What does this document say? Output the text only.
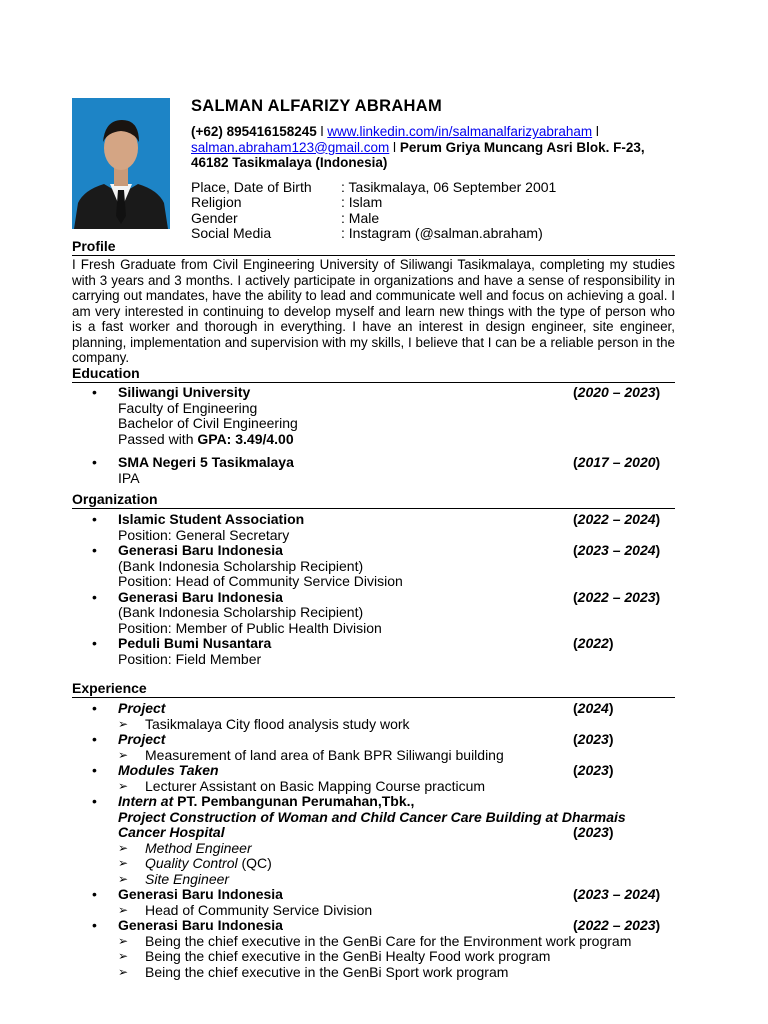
SALMAN ALFARIZY ABRAHAM
(+62) 895416158245 l www.linkedin.com/in/salmanalfarizyabraham l salman.abraham123@gmail.com l Perum Griya Muncang Asri Blok. F-23, 46182 Tasikmalaya (Indonesia)
Place, Date of Birth	: Tasikmalaya, 06 September 2001
Religion	: Islam
Gender	: Male
Social Media	: Instagram (@salman.abraham)
Profile
I Fresh Graduate from Civil Engineering University of Siliwangi Tasikmalaya, completing my studies with 3 years and 3 months. I actively participate in organizations and have a sense of responsibility in carrying out mandates, have the ability to lead and communicate well and focus on achieving a goal. I am very interested in continuing to develop myself and learn new things with the type of person who is a fast worker and thorough in everything. I have an interest in design engineer, site engineer, planning, implementation and supervision with my skills, I believe that I can be a reliable person in the company.
Education
• Siliwangi University	(2020 – 2023)
Faculty of Engineering
Bachelor of Civil Engineering
Passed with GPA: 3.49/4.00
• SMA Negeri 5 Tasikmalaya	(2017 – 2020)
IPA
Organization
• Islamic Student Association	(2022 – 2024)
Position: General Secretary
• Generasi Baru Indonesia	(2023 – 2024)
(Bank Indonesia Scholarship Recipient)
Position: Head of Community Service Division
• Generasi Baru Indonesia	(2022 – 2023)
(Bank Indonesia Scholarship Recipient)
Position: Member of Public Health Division
• Peduli Bumi Nusantara	(2022)
Position: Field Member
Experience
• Project	(2024)
➢ Tasikmalaya City flood analysis study work
• Project	(2023)
➢ Measurement of land area of Bank BPR Siliwangi building
• Modules Taken	(2023)
➢ Lecturer Assistant on Basic Mapping Course practicum
• Intern at PT. Pembangunan Perumahan,Tbk.,
Project Construction of Woman and Child Cancer Care Building at Dharmais
Cancer Hospital	(2023)
➢ Method Engineer
➢ Quality Control (QC)
➢ Site Engineer
• Generasi Baru Indonesia	(2023 – 2024)
➢ Head of Community Service Division
• Generasi Baru Indonesia	(2022 – 2023)
➢ Being the chief executive in the GenBi Care for the Environment work program
➢ Being the chief executive in the GenBi Healty Food work program
➢ Being the chief executive in the GenBi Sport work program
